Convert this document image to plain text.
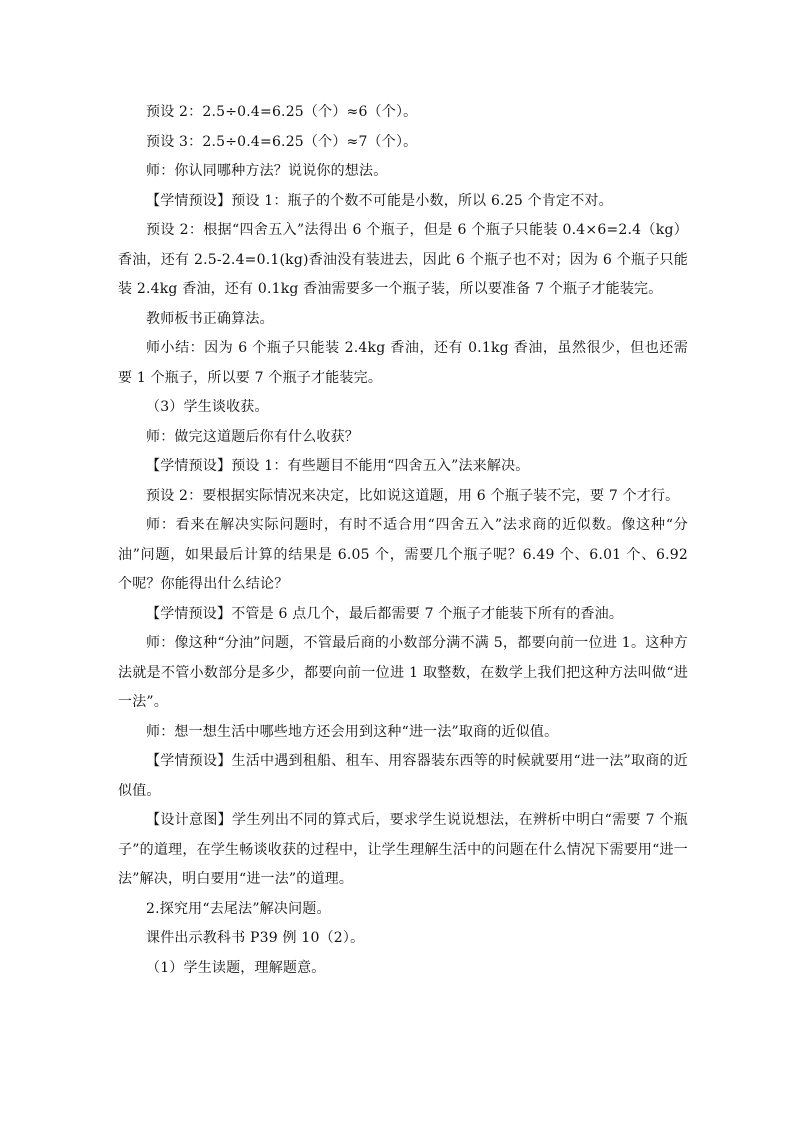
预设 2：2.5÷0.4=6.25（个）≈6（个）。

预设 3：2.5÷0.4=6.25（个）≈7（个）。

师：你认同哪种方法？说说你的想法。

【学情预设】预设 1：瓶子的个数不可能是小数，所以 6.25 个肯定不对。

预设 2：根据“四舍五入”法得出 6 个瓶子，但是 6 个瓶子只能装 0.4×6=2.4（kg）香油，还有 2.5-2.4=0.1(kg)香油没有装进去，因此 6 个瓶子也不对；因为 6 个瓶子只能装 2.4kg 香油，还有 0.1kg 香油需要多一个瓶子装，所以要准备 7 个瓶子才能装完。

教师板书正确算法。

师小结：因为 6 个瓶子只能装 2.4kg 香油，还有 0.1kg 香油，虽然很少，但也还需要 1 个瓶子，所以要 7 个瓶子才能装完。

（3）学生谈收获。

师：做完这道题后你有什么收获？

【学情预设】预设 1：有些题目不能用“四舍五入”法来解决。

预设 2：要根据实际情况来决定，比如说这道题，用 6 个瓶子装不完，要 7 个才行。

师：看来在解决实际问题时，有时不适合用“四舍五入”法求商的近似数。像这种“分油”问题，如果最后计算的结果是 6.05 个，需要几个瓶子呢？6.49 个、6.01 个、6.92 个呢？你能得出什么结论？

【学情预设】不管是 6 点几个，最后都需要 7 个瓶子才能装下所有的香油。

师：像这种“分油”问题，不管最后商的小数部分满不满 5，都要向前一位进 1。这种方法就是不管小数部分是多少，都要向前一位进 1 取整数，在数学上我们把这种方法叫做“进一法”。

师：想一想生活中哪些地方还会用到这种“进一法”取商的近似值。

【学情预设】生活中遇到租船、租车、用容器装东西等的时候就要用“进一法”取商的近似值。

【设计意图】学生列出不同的算式后，要求学生说说想法，在辨析中明白“需要 7 个瓶子”的道理，在学生畅谈收获的过程中，让学生理解生活中的问题在什么情况下需要用“进一法”解决，明白要用“进一法”的道理。

2.探究用“去尾法”解决问题。

课件出示教科书 P39 例 10（2）。

（1）学生读题，理解题意。
